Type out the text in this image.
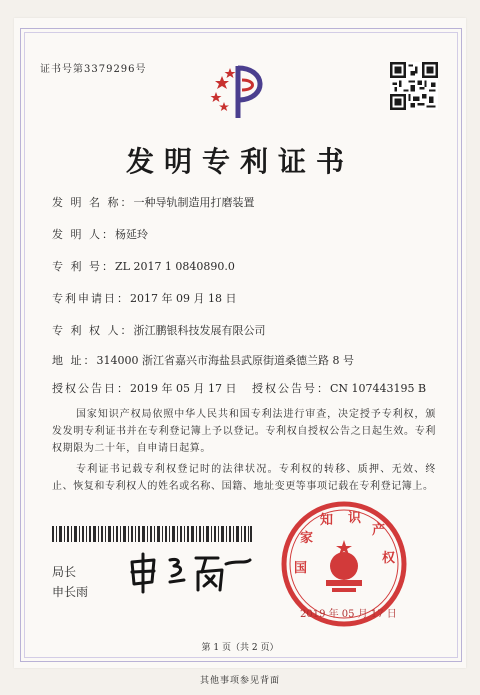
证书号第3379296号
发明专利证书
发 明 名 称：一种导轨制造用打磨装置
发 明 人：杨延玲
专 利 号：ZL 2017 1 0840890.0
专利申请日：2017 年 09 月 18 日
专 利 权 人：浙江鹏银科技发展有限公司
地 址：314000 浙江省嘉兴市海盐县武原街道桑德兰路 8 号
授权公告日：2019 年 05 月 17 日 授权公告号：CN 107443195 B
国家知识产权局依照中华人民共和国专利法进行审查，决定授予专利权，颁发发明专利证书并在专利登记簿上予以登记。专利权自授权公告之日起生效。专利权期限为二十年，自申请日起算。
专利证书记载专利权登记时的法律状况。专利权的转移、质押、无效、终止、恢复和专利权人的姓名或名称、国籍、地址变更等事项记载在专利登记簿上。
局长
申长雨
国
家
知 识
产
权
2019 年 05 月 17 日
第 1 页（共 2 页）
其他事项参见背面
